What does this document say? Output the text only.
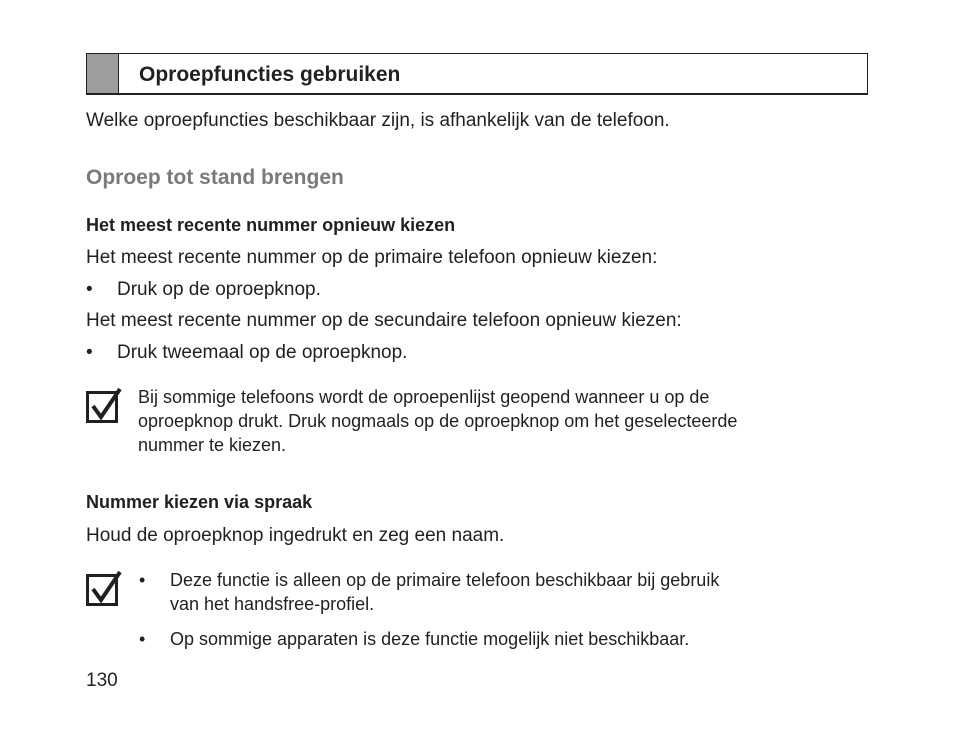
Oproepfuncties gebruiken
Welke oproepfuncties beschikbaar zijn, is afhankelijk van de telefoon.
Oproep tot stand brengen
Het meest recente nummer opnieuw kiezen
Het meest recente nummer op de primaire telefoon opnieuw kiezen:
• Druk op de oproepknop.
Het meest recente nummer op de secundaire telefoon opnieuw kiezen:
• Druk tweemaal op de oproepknop.
Bij sommige telefoons wordt de oproepenlijst geopend wanneer u op de
oproepknop drukt. Druk nogmaals op de oproepknop om het geselecteerde
nummer te kiezen.
Nummer kiezen via spraak
Houd de oproepknop ingedrukt en zeg een naam.
• Deze functie is alleen op de primaire telefoon beschikbaar bij gebruik
van het handsfree-profiel.
• Op sommige apparaten is deze functie mogelijk niet beschikbaar.
130
